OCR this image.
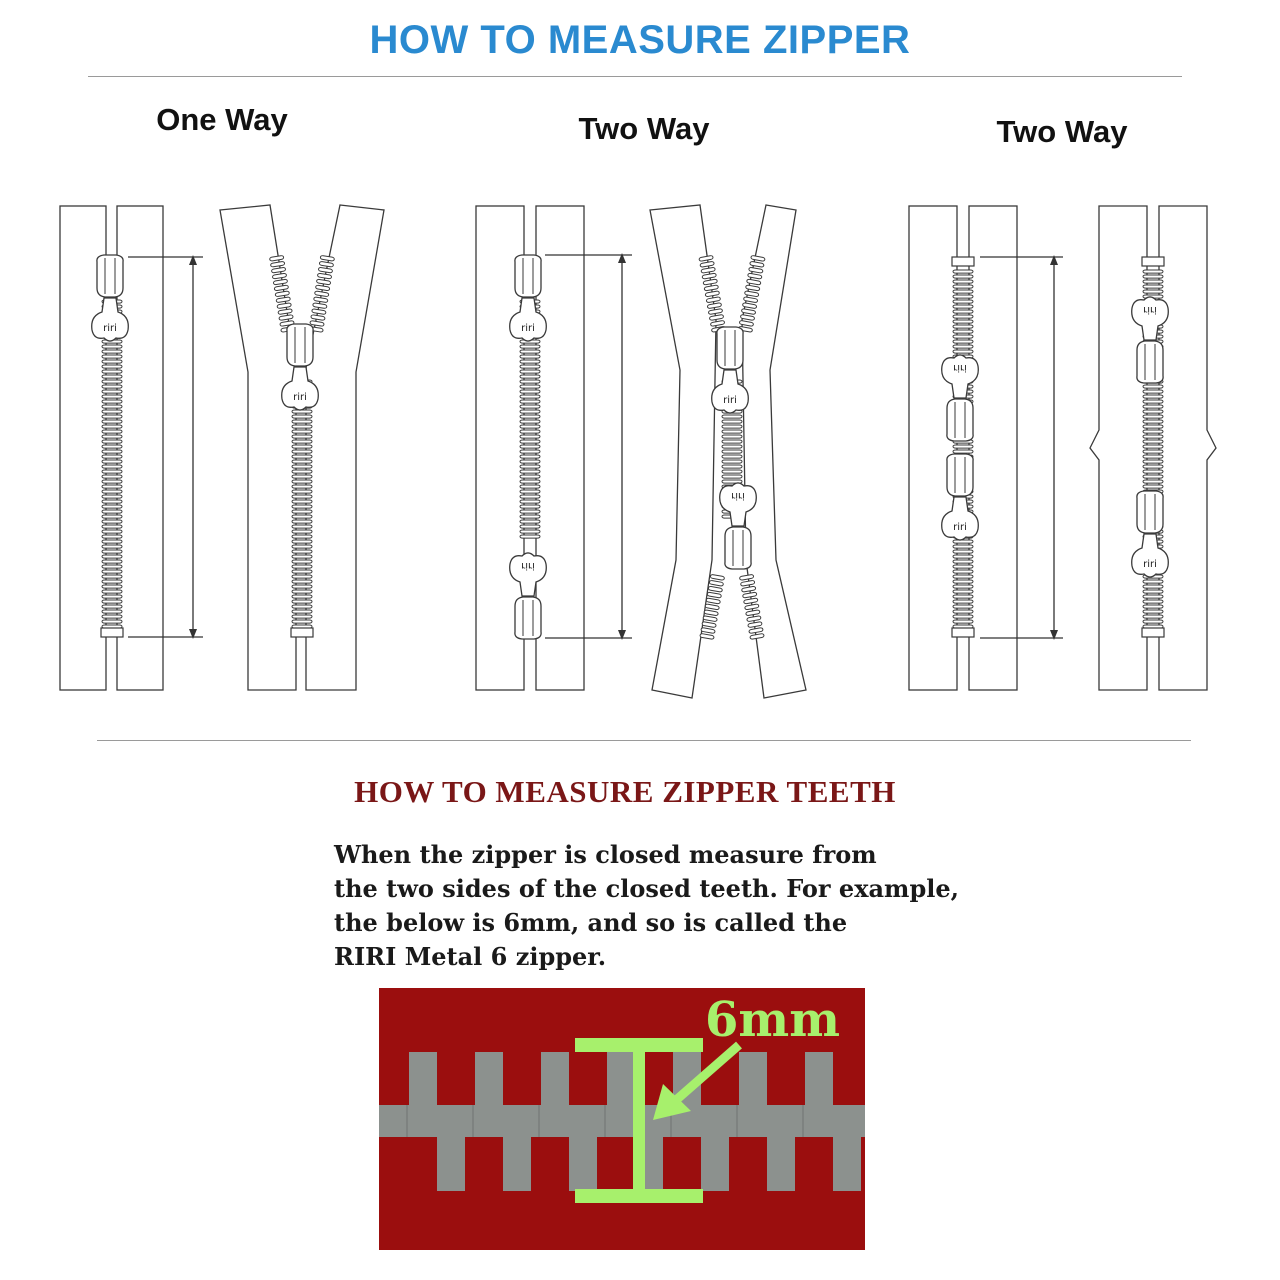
HOW TO MEASURE ZIPPER
One Way	Two Way	Two Way
riri
riri
riri
riri
riri
riri
riri
riri
riri
riri
HOW TO MEASURE ZIPPER TEETH
When the zipper is closed measure from
the two sides of the closed teeth. For example,
the below is 6mm, and so is called the
RIRI Metal 6 zipper.
6mm
